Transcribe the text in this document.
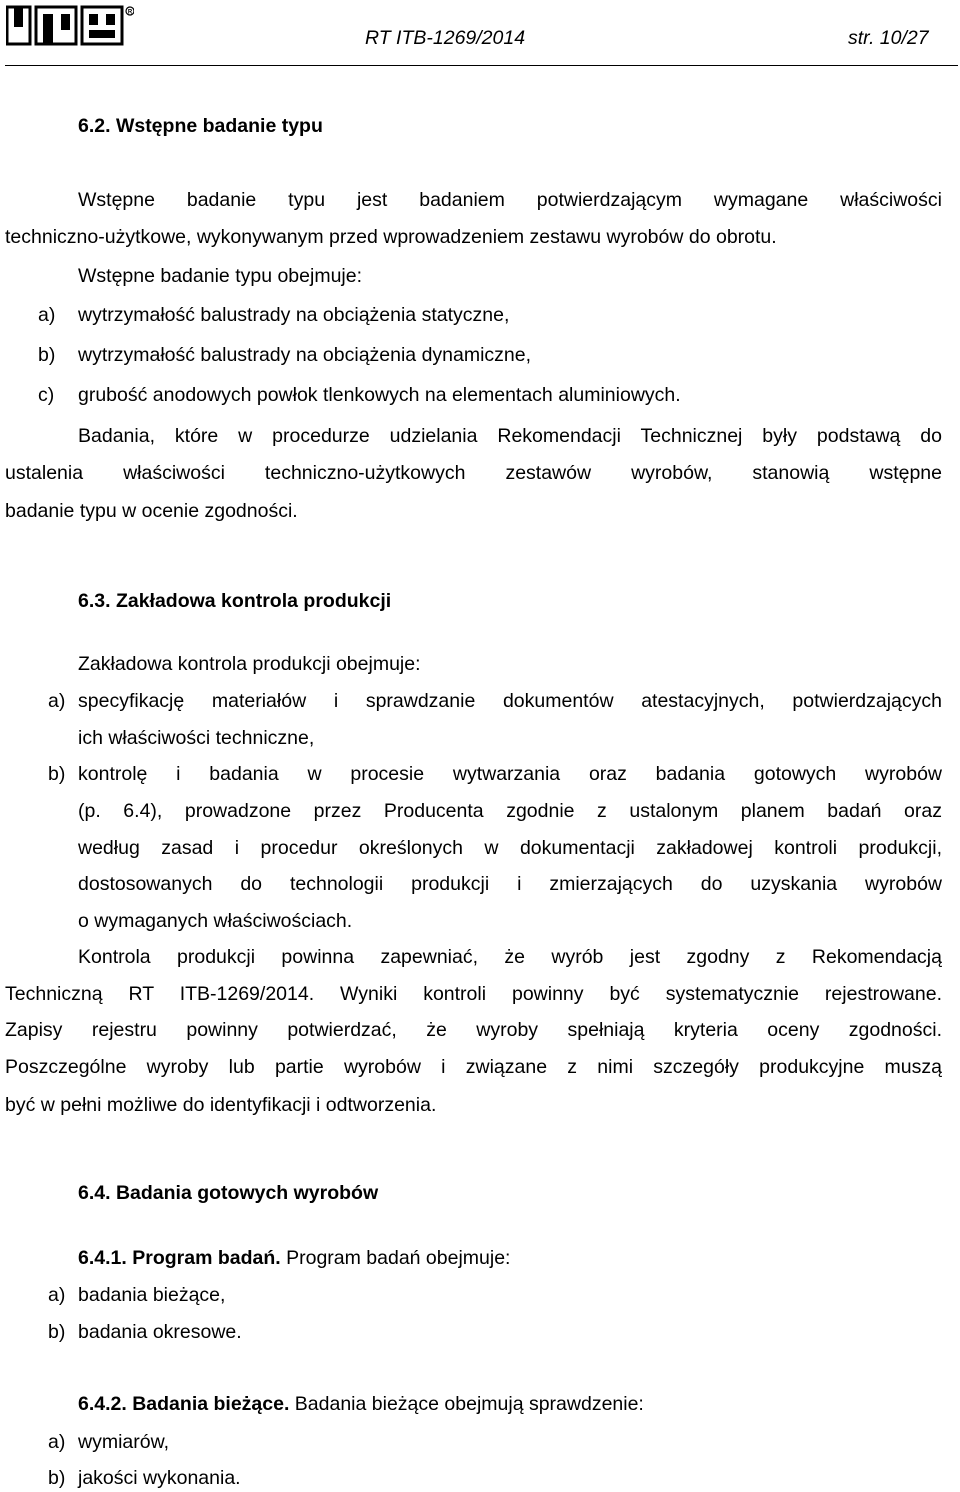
R
RT ITB-1269/2014	str. 10/27
6.2. Wstępne badanie typu
Wstępne badanie typu jest badaniem potwierdzającym wymagane właściwości
techniczno-użytkowe, wykonywanym przed wprowadzeniem zestawu wyrobów do obrotu.
Wstępne badanie typu obejmuje:
a) wytrzymałość balustrady na obciążenia statyczne,
b) wytrzymałość balustrady na obciążenia dynamiczne,
c) grubość anodowych powłok tlenkowych na elementach aluminiowych.
Badania, które w procedurze udzielania Rekomendacji Technicznej były podstawą do
ustalenia właściwości techniczno-użytkowych zestawów wyrobów, stanowią wstępne
badanie typu w ocenie zgodności.
6.3. Zakładowa kontrola produkcji
Zakładowa kontrola produkcji obejmuje:
a) specyfikację materiałów i sprawdzanie dokumentów atestacyjnych, potwierdzających
ich właściwości techniczne,
b) kontrolę i badania w procesie wytwarzania oraz badania gotowych wyrobów
(p. 6.4), prowadzone przez Producenta zgodnie z ustalonym planem badań oraz
według zasad i procedur określonych w dokumentacji zakładowej kontroli produkcji,
dostosowanych do technologii produkcji i zmierzających do uzyskania wyrobów
o wymaganych właściwościach.
Kontrola produkcji powinna zapewniać, że wyrób jest zgodny z Rekomendacją
Techniczną RT ITB-1269/2014. Wyniki kontroli powinny być systematycznie rejestrowane.
Zapisy rejestru powinny potwierdzać, że wyroby spełniają kryteria oceny zgodności.
Poszczególne wyroby lub partie wyrobów i związane z nimi szczegóły produkcyjne muszą
być w pełni możliwe do identyfikacji i odtworzenia.
6.4. Badania gotowych wyrobów
6.4.1. Program badań. Program badań obejmuje:
a) badania bieżące,
b) badania okresowe.
6.4.2. Badania bieżące. Badania bieżące obejmują sprawdzenie:
a) wymiarów,
b) jakości wykonania.
